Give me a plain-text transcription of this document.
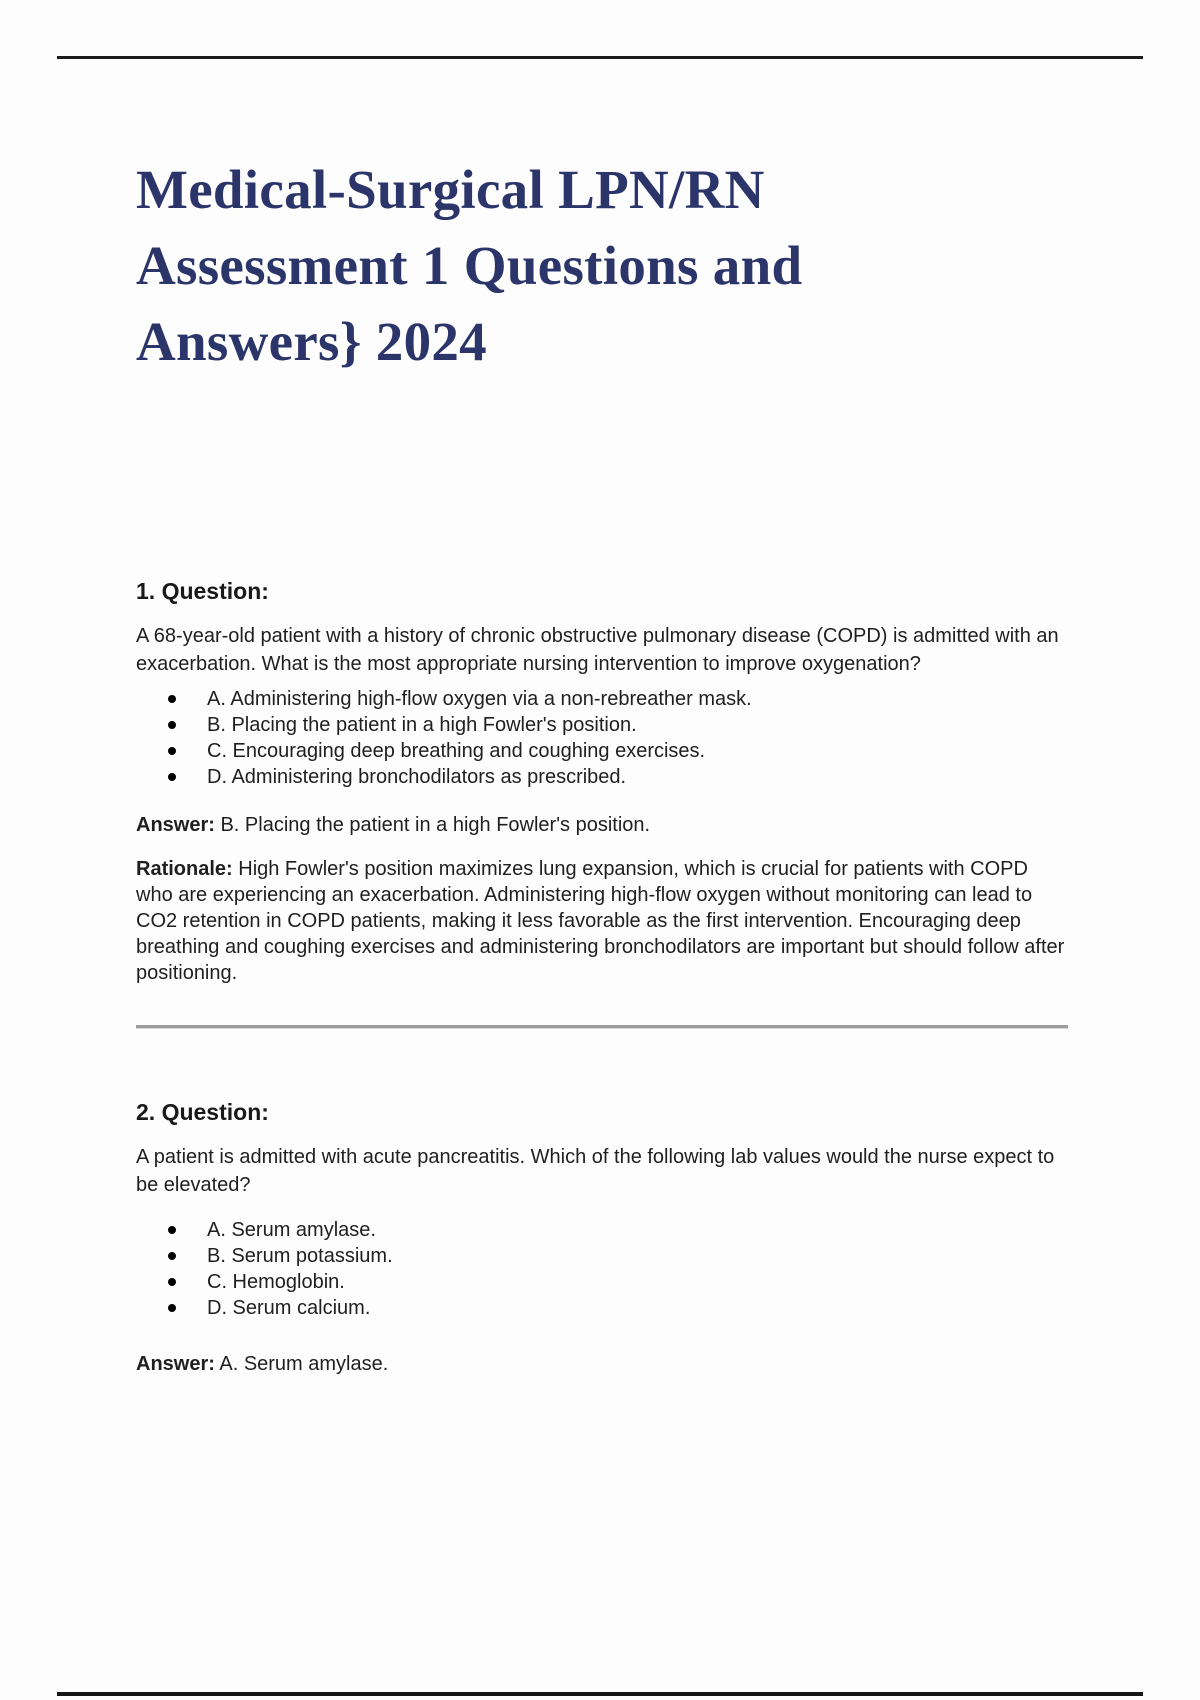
Medical-Surgical LPN/RN
Assessment 1 Questions and
Answers} 2024
1. Question:

A 68-year-old patient with a history of chronic obstructive pulmonary disease (COPD) is admitted with an exacerbation. What is the most appropriate nursing intervention to improve oxygenation?

A. Administering high-flow oxygen via a non-rebreather mask.
B. Placing the patient in a high Fowler's position.
C. Encouraging deep breathing and coughing exercises.
D. Administering bronchodilators as prescribed.

Answer: B. Placing the patient in a high Fowler's position.

Rationale: High Fowler's position maximizes lung expansion, which is crucial for patients with COPD who are experiencing an exacerbation. Administering high-flow oxygen without monitoring can lead to CO2 retention in COPD patients, making it less favorable as the first intervention. Encouraging deep breathing and coughing exercises and administering bronchodilators are important but should follow after positioning.

2. Question:

A patient is admitted with acute pancreatitis. Which of the following lab values would the nurse expect to be elevated?

A. Serum amylase.
B. Serum potassium.
C. Hemoglobin.
D. Serum calcium.

Answer: A. Serum amylase.
